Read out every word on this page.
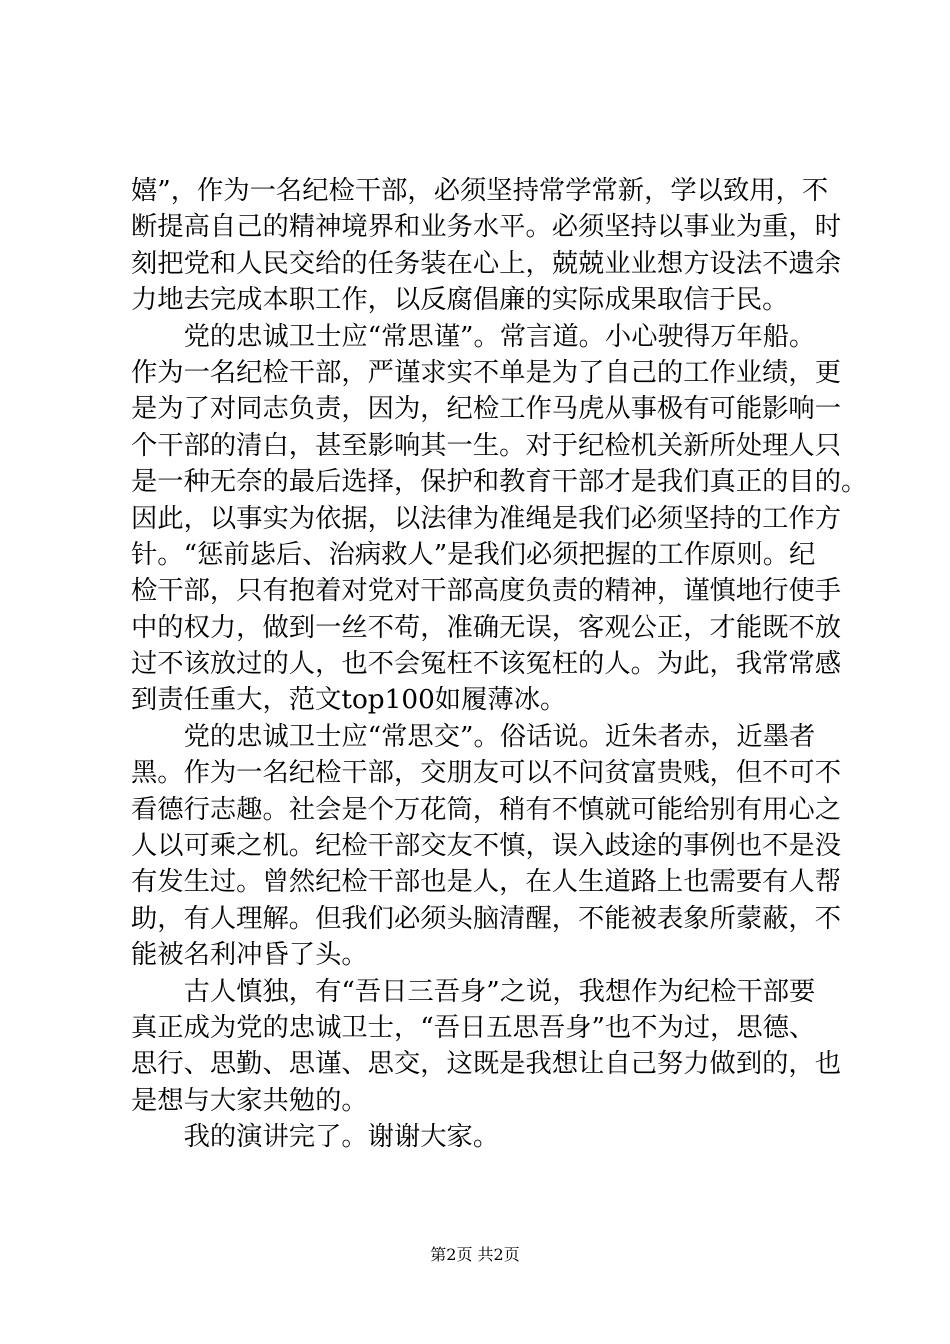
嬉”，作为一名纪检干部，必须坚持常学常新，学以致用，不
断提高自己的精神境界和业务水平。必须坚持以事业为重，时
刻把党和人民交给的任务装在心上，兢兢业业想方设法不遗余
力地去完成本职工作，以反腐倡廉的实际成果取信于民。
　　党的忠诚卫士应“常思谨”。常言道。小心驶得万年船。
作为一名纪检干部，严谨求实不单是为了自己的工作业绩，更
是为了对同志负责，因为，纪检工作马虎从事极有可能影响一
个干部的清白，甚至影响其一生。对于纪检机关新所处理人只
是一种无奈的最后选择，保护和教育干部才是我们真正的目的。
因此，以事实为依据，以法律为准绳是我们必须坚持的工作方
针。“惩前毖后、治病救人”是我们必须把握的工作原则。纪
检干部，只有抱着对党对干部高度负责的精神，谨慎地行使手
中的权力，做到一丝不苟，准确无误，客观公正，才能既不放
过不该放过的人，也不会冤枉不该冤枉的人。为此，我常常感
到责任重大，范文top100如履薄冰。
　　党的忠诚卫士应“常思交”。俗话说。近朱者赤，近墨者
黑。作为一名纪检干部，交朋友可以不问贫富贵贱，但不可不
看德行志趣。社会是个万花筒，稍有不慎就可能给别有用心之
人以可乘之机。纪检干部交友不慎，误入歧途的事例也不是没
有发生过。曾然纪检干部也是人，在人生道路上也需要有人帮
助，有人理解。但我们必须头脑清醒，不能被表象所蒙蔽，不
能被名利冲昏了头。
　　古人慎独，有“吾日三吾身”之说，我想作为纪检干部要
真正成为党的忠诚卫士，“吾日五思吾身”也不为过，思德、
思行、思勤、思谨、思交，这既是我想让自己努力做到的，也
是想与大家共勉的。
　　我的演讲完了。谢谢大家。
第2页 共2页
